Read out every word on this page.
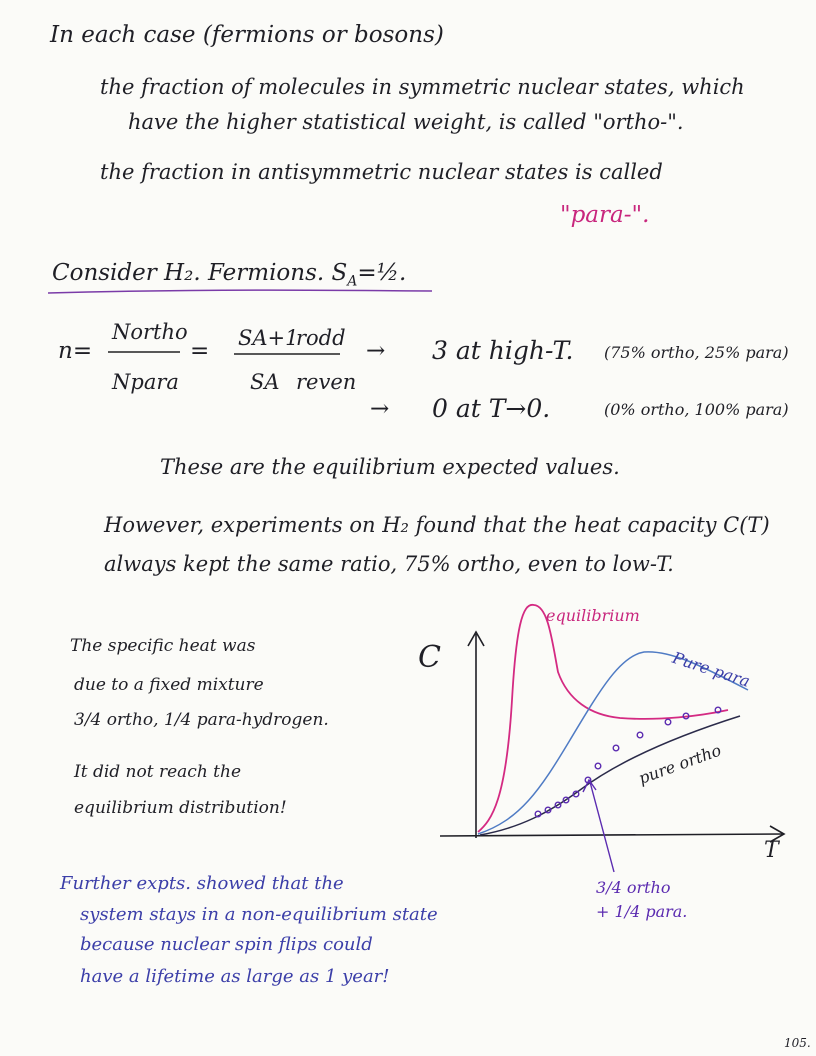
In each case (fermions or bosons)
the fraction of molecules in symmetric nuclear states, which
have the higher statistical weight, is called "ortho-".
the fraction in antisymmetric nuclear states is called
"para-".
Consider H₂. Fermions. $S_A=\frac{1}{2}$.
n=
Northo
Npara
= SA+1
SA
rodd
reven
→ 3 at high-T. (75% ortho, 25% para)
→ 0 at T→0.	(0% ortho, 100% para)
These are the equilibrium expected values.
However, experiments on H₂ found that the heat capacity C(T)
always kept the same ratio, 75% ortho, even to low-T.
The specific heat was
due to a fixed mixture
3/4 ortho, 1/4 para-hydrogen.
It did not reach the
equilibrium distribution!
C
T
equilibrium
Pure para
pure ortho
3/4 ortho
+ 1/4 para.
Further expts. showed that the
system stays in a non-equilibrium state
because nuclear spin flips could
have a lifetime as large as 1 year!
105.
